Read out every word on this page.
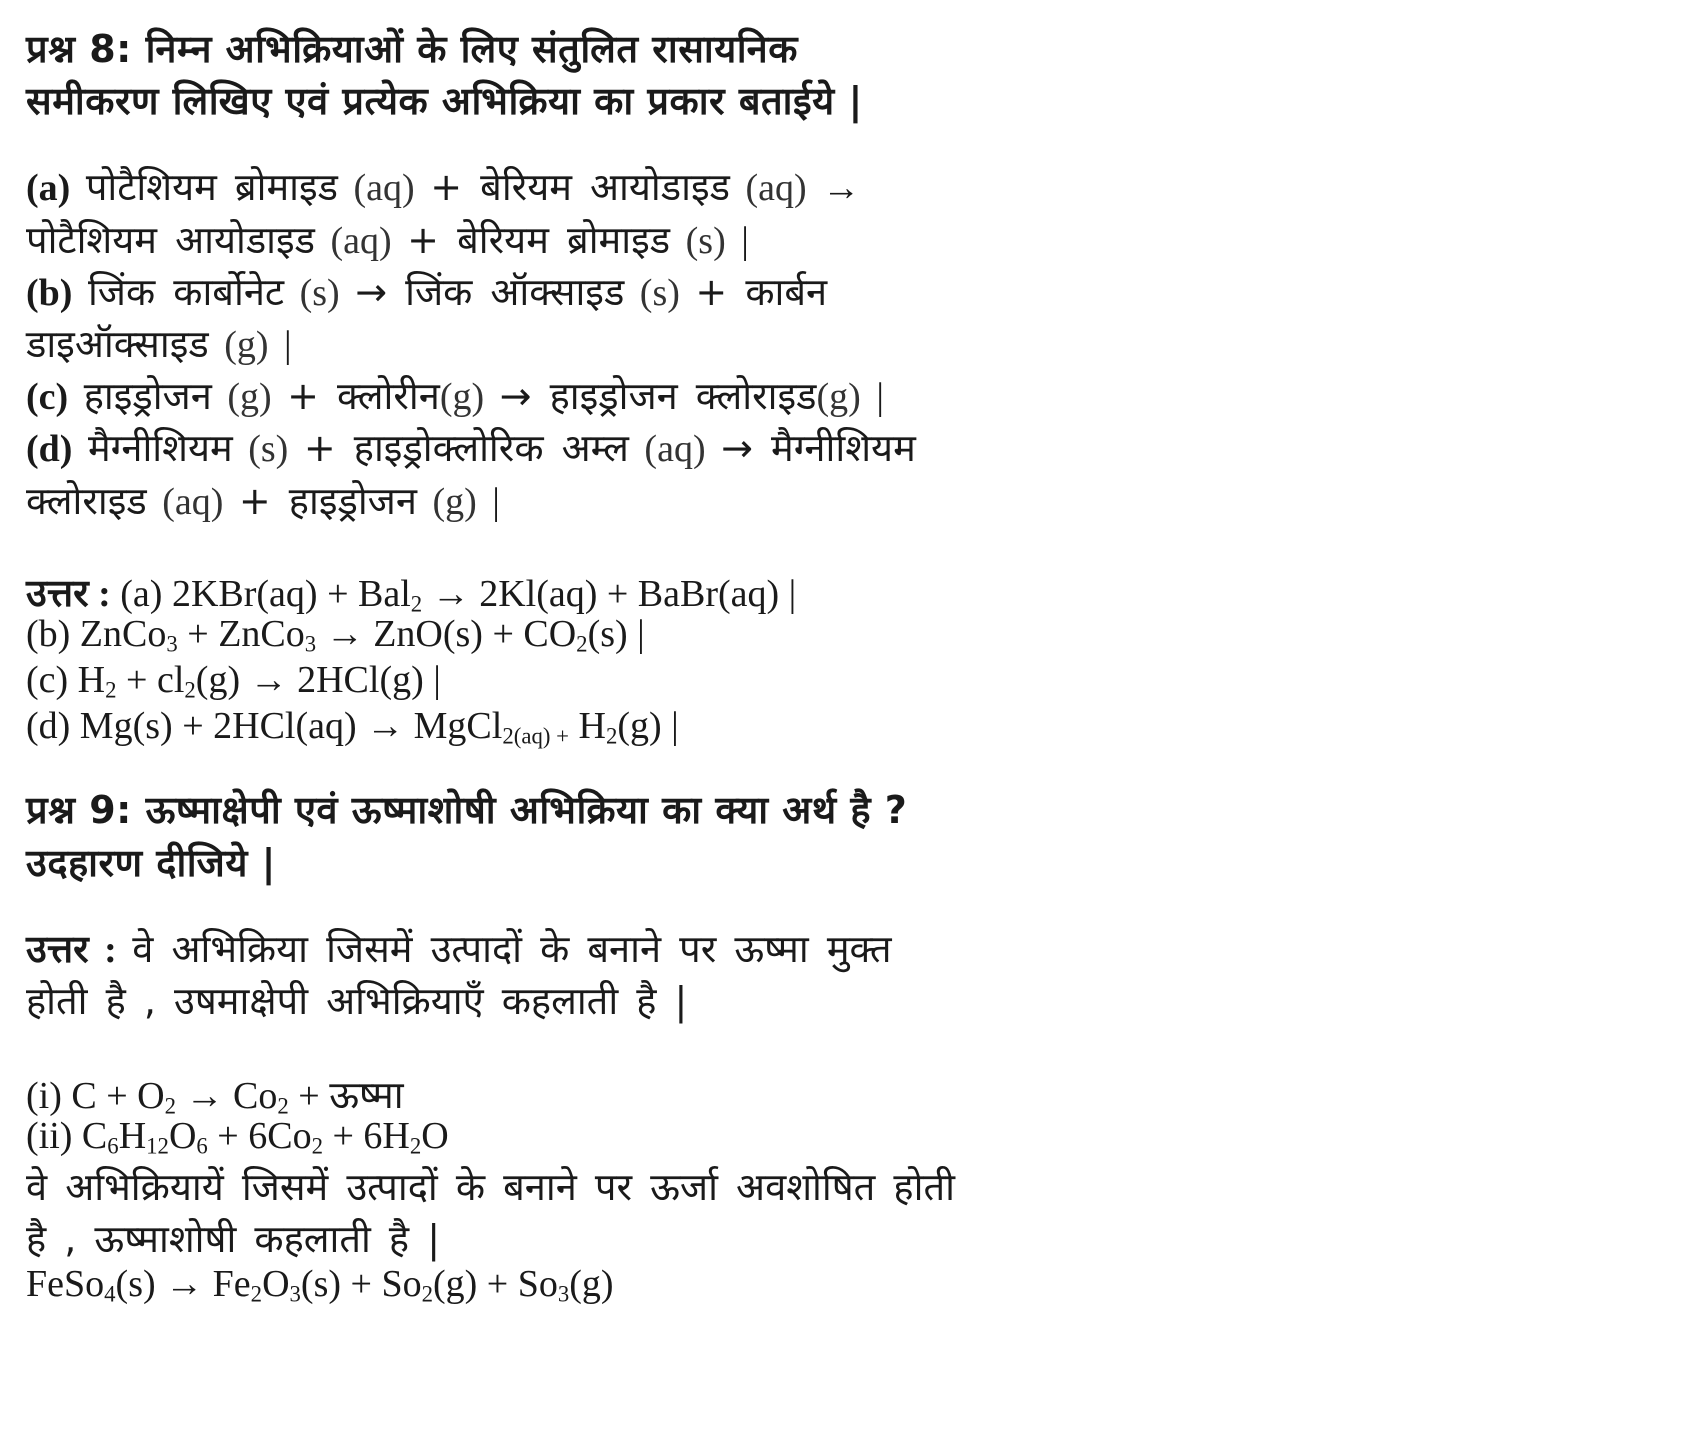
प्रश्न 8: निम्न अभिक्रियाओं के लिए संतुलित रासायनिक
समीकरण लिखिए एवं प्रत्येक अभिक्रिया का प्रकार बताईये |
(a) पोटैशियम ब्रोमाइड (aq) + बेरियम आयोडाइड (aq) →
पोटैशियम आयोडाइड (aq) + बेरियम ब्रोमाइड (s) |
(b) जिंक कार्बोनेट (s) → जिंक ऑक्साइड (s) + कार्बन
डाइऑक्साइड (g) |
(c) हाइड्रोजन (g) + क्लोरीन(g) → हाइड्रोजन क्लोराइड(g) |
(d) मैग्नीशियम (s) + हाइड्रोक्लोरिक अम्ल (aq) → मैग्नीशियम
क्लोराइड (aq) + हाइड्रोजन (g) |
उत्तर : (a) 2KBr(aq) + Bal$_2$ → 2Kl(aq) + BaBr(aq) |
(b) ZnCo$_3$ + ZnCo$_3$ → $ZnO(s) + CO_2(s)$ |
(c) $H_2 + cl_2(g) \to 2HCl(g)$ |
(d) Mg(s) + 2HCl(aq) → MgCl$_{2(aq) +}$ $H_2(g)$ |
प्रश्न 9: ऊष्माक्षेपी एवं ऊष्माशोषी अभिक्रिया का क्या अर्थ है ?
उदहारण दीजिये |
उत्तर : वे अभिक्रिया जिसमें उत्पादों के बनाने पर ऊष्मा मुक्त
होती है , उषमाक्षेपी अभिक्रियाएँ कहलाती है |
(i) $C + O_2 \to Co_2$ + ऊष्मा
(ii) $C_6H_{12}O_6 + 6Co_2 + 6H_2O$
वे अभिक्रियायें जिसमें उत्पादों के बनाने पर ऊर्जा अवशोषित होती
है , ऊष्माशोषी कहलाती है |
FeSo$_4$(s) → $Fe_2O_3(s) + So_2(g) + So_3(g)$
